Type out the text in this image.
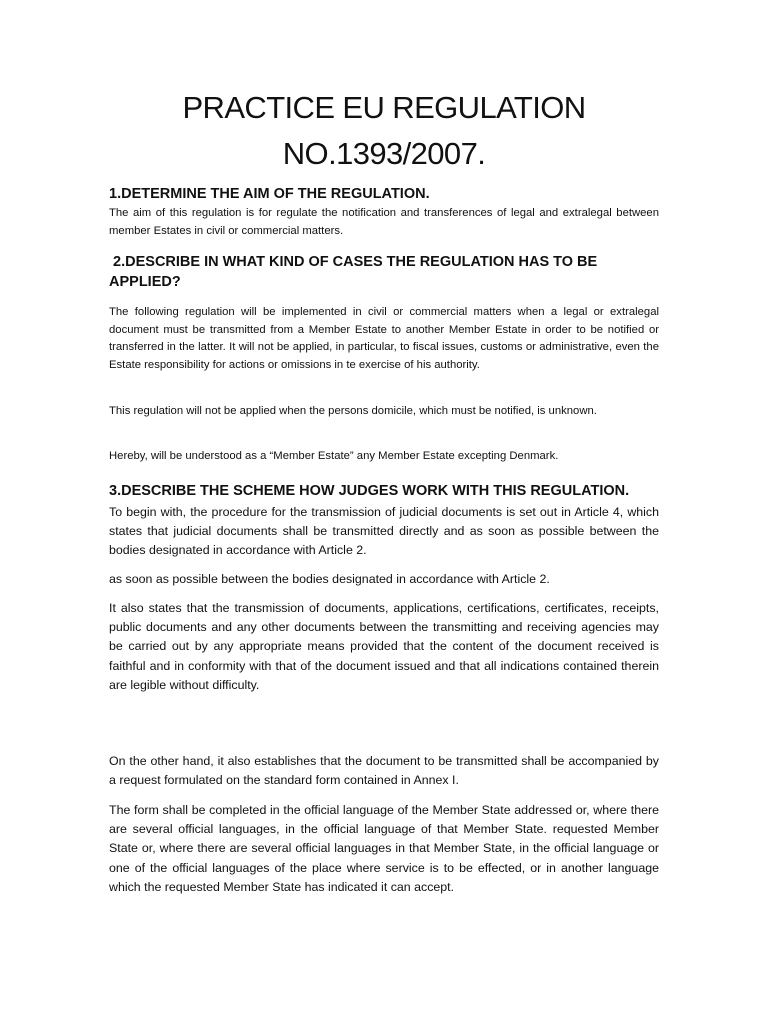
PRACTICE EU REGULATION
NO.1393/2007.
1.DETERMINE THE AIM OF THE REGULATION.

The aim of this regulation is for regulate the notification and transferences of legal and extralegal between member Estates in civil or commercial matters.

2.DESCRIBE IN WHAT KIND OF CASES THE REGULATION HAS TO BE APPLIED?

The following regulation will be implemented in civil or commercial matters when a legal or extralegal document must be transmitted from a Member Estate to another Member Estate in order to be notified or transferred in the latter. It will not be applied, in particular, to fiscal issues, customs or administrative, even the Estate responsibility for actions or omissions in te exercise of his authority.

This regulation will not be applied when the persons domicile, which must be notified, is unknown.

Hereby, will be understood as a “Member Estate” any Member Estate excepting Denmark.

3.DESCRIBE THE SCHEME HOW JUDGES WORK WITH THIS REGULATION.

To begin with, the procedure for the transmission of judicial documents is set out in Article 4, which states that judicial documents shall be transmitted directly and as soon as possible between the bodies designated in accordance with Article 2.

as soon as possible between the bodies designated in accordance with Article 2.

It also states that the transmission of documents, applications, certifications, certificates, receipts, public documents and any other documents between the transmitting and receiving agencies may be carried out by any appropriate means provided that the content of the document received is faithful and in conformity with that of the document issued and that all indications contained therein are legible without difficulty.

On the other hand, it also establishes that the document to be transmitted shall be accompanied by a request formulated on the standard form contained in Annex I.

The form shall be completed in the official language of the Member State addressed or, where there are several official languages, in the official language of that Member State. requested Member State or, where there are several official languages in that Member State, in the official language or one of the official languages of the place where service is to be effected, or in another language which the requested Member State has indicated it can accept.
